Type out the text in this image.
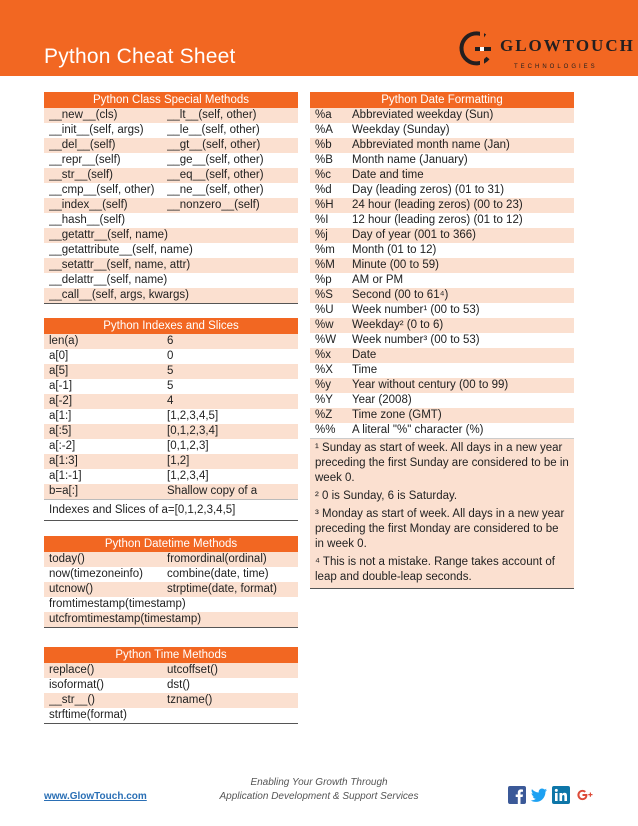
Python Cheat Sheet	GLOWTOUCH
TECHNOLOGIES
Python Class Special Methods
__new__(cls)	__lt__(self, other)
__init__(self, args)	__le__(self, other)
__del__(self)	__gt__(self, other)
__repr__(self)	__ge__(self, other)
__str__(self)	__eq__(self, other)
__cmp__(self, other)	__ne__(self, other)
__index__(self)	__nonzero__(self)
__hash__(self)
__getattr__(self, name)
__getattribute__(self, name)
__setattr__(self, name, attr)
__delattr__(self, name)
__call__(self, args, kwargs)
Python Indexes and Slices
len(a)	6
a[0]	0
a[5]	5
a[-1]	5
a[-2]	4
a[1:]	[1,2,3,4,5]
a[:5]	[0,1,2,3,4]
a[:-2]	[0,1,2,3]
a[1:3]	[1,2]
a[1:-1]	[1,2,3,4]
b=a[:]	Shallow copy of a
Indexes and Slices of a=[0,1,2,3,4,5]
Python Datetime Methods
today()	fromordinal(ordinal)
now(timezoneinfo)	combine(date, time)
utcnow()	strptime(date, format)
fromtimestamp(timestamp)
utcfromtimestamp(timestamp)
Python Time Methods
replace()	utcoffset()
isoformat()	dst()
__str__()	tzname()
strftime(format)
Python Date Formatting
%a	Abbreviated weekday (Sun)
%A	Weekday (Sunday)
%b	Abbreviated month name (Jan)
%B	Month name (January)
%c	Date and time
%d	Day (leading zeros) (01 to 31)
%H	24 hour (leading zeros) (00 to 23)
%I	12 hour (leading zeros) (01 to 12)
%j	Day of year (001 to 366)
%m	Month (01 to 12)
%M	Minute (00 to 59)
%p	AM or PM
%S	Second (00 to 61⁴)
%U	Week number¹ (00 to 53)
%w	Weekday² (0 to 6)
%W	Week number³ (00 to 53)
%x	Date
%X	Time
%y	Year without century (00 to 99)
%Y	Year (2008)
%Z	Time zone (GMT)
%%	A literal "%" character (%)
¹ Sunday as start of week. All days in a new year preceding the first Sunday are considered to be in week 0.
² 0 is Sunday, 6 is Saturday.
³ Monday as start of week. All days in a new year preceding the first Monday are considered to be in week 0.
⁴ This is not a mistake. Range takes account of leap and double-leap seconds.
www.GlowTouch.com
Enabling Your Growth Through
Application Development & Support Services
